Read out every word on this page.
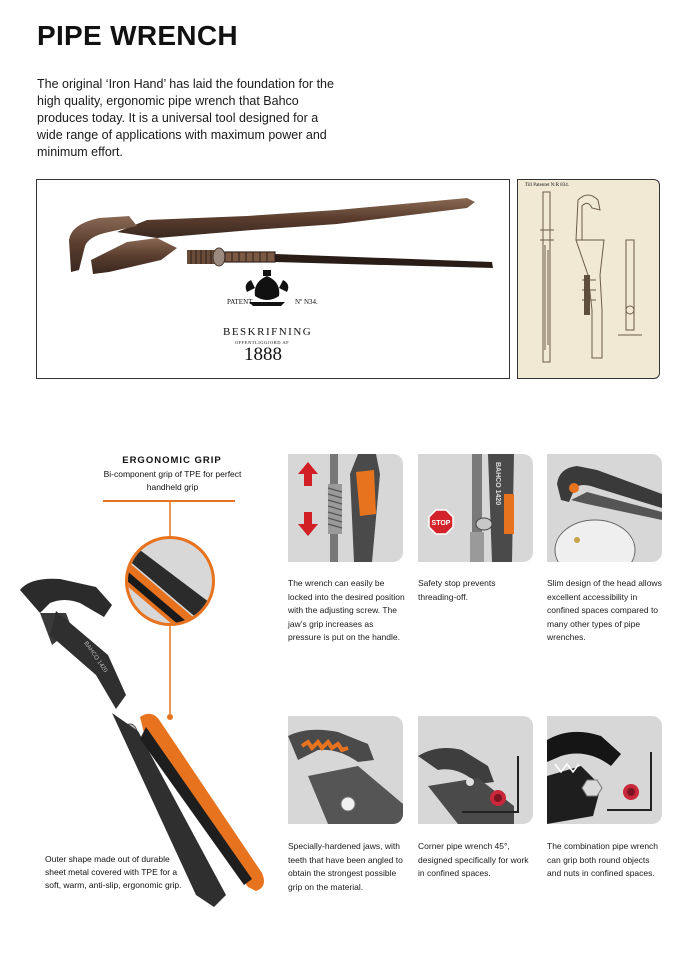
PIPE WRENCH
The original ‘Iron Hand’ has laid the foundation for the high quality, ergonomic pipe wrench that Bahco produces today. It is a universal tool designed for a wide range of applications with maximum power and minimum effort.
PATENT	Nº N34.
BESKRIFNING
OFFENTLIGGJORD AF
1888
Till Patentet N:R 834.
BAHCO 1420
ERGONOMIC GRIP
Bi-component grip of TPE for perfect handheld grip
Outer shape made out of durable sheet metal covered with TPE for a soft, warm, anti-slip, ergonomic grip.
The wrench can easily be locked into the desired position with the adjusting screw. The jaw’s grip increases as pressure is put on the handle.
STOP
BAHCO 1420
Safety stop prevents threading-off.
Slim design of the head allows excellent accessibility in confined spaces compared to many other types of pipe wrenches.
Specially-hardened jaws, with teeth that have been angled to obtain the strongest possible grip on the material.
Corner pipe wrench 45°, designed specifically for work in confined spaces.
The combination pipe wrench can grip both round objects and nuts in confined spaces.
